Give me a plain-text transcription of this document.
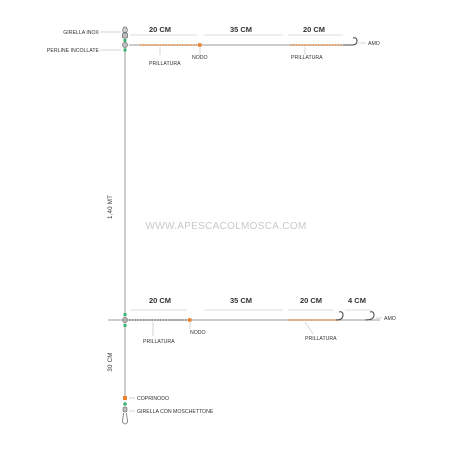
WWW.APESCACOLMOSCA.COM
GIRELLA INOX
PERLINE INCOLLATE
AMO
20 CM	35 CM	20 CM
PRILLATURA
NODO	PRILLATURA
1,40 MT
AMO
20 CM	35 CM	20 CM	4 CM
PRILLATURA
NODO
PRILLATURA
30 CM
COPRINODO
GIRELLA CON MOSCHETTONE
